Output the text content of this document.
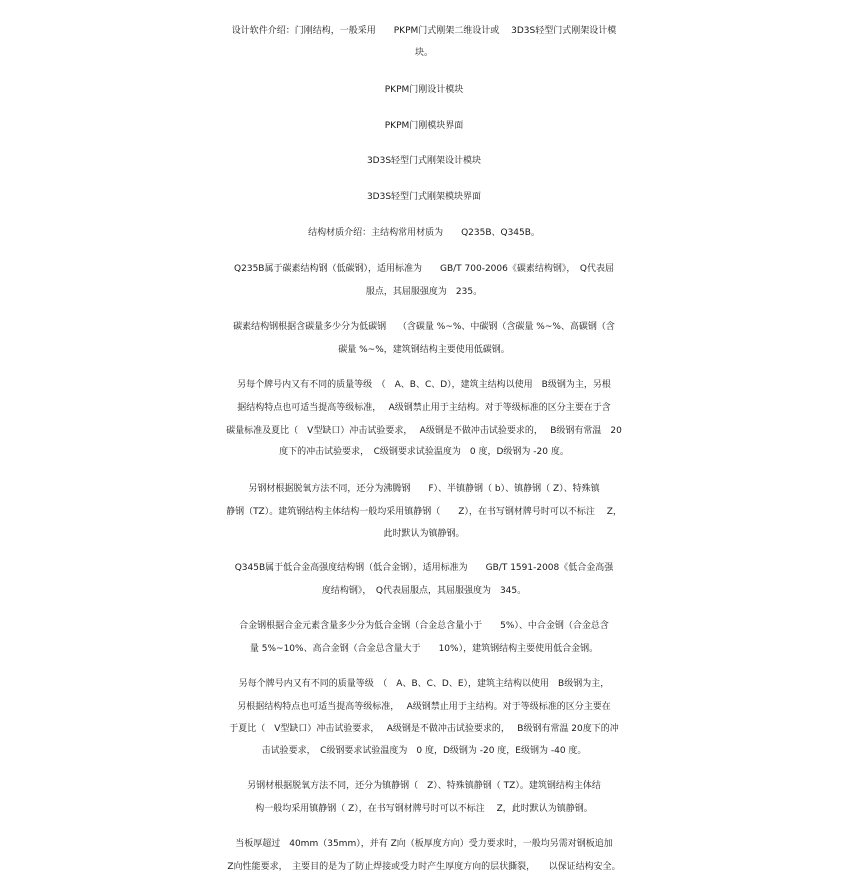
设计软件介绍：门刚结构，一般采用　　PKPM门式刚架二维设计或　 3D3S轻型门式刚架设计模
块。
PKPM门刚设计模块
PKPM门刚模块界面
3D3S轻型门式刚架设计模块
3D3S轻型门式刚架模块界面
结构材质介绍：主结构常用材质为　　Q235B、Q345B。
Q235B属于碳素结构钢（低碳钢），适用标准为　　GB/T 700-2006《碳素结构钢》，　Q代表屈
服点，其屈服强度为　235。
碳素结构钢根据含碳量多少分为低碳钢　 （含碳量 %~%、中碳钢（含碳量 %~%、高碳钢（含
碳量 %~%，建筑钢结构主要使用低碳钢。
另每个牌号内又有不同的质量等级　（　A、B、C、D），建筑主结构以使用　B级钢为主，另根
据结构特点也可适当提高等级标准，　 A级钢禁止用于主结构。对于等级标准的区分主要在于含
碳量标准及夏比（　V型缺口）冲击试验要求，　 A级钢是不做冲击试验要求的，　 B级钢有常温　20
度下的冲击试验要求，　C级钢要求试验温度为　0 度，D级钢为 -20 度。
另钢材根据脱氧方法不同，还分为沸腾钢　　F）、半镇静钢（ b）、镇静钢（ Z）、特殊镇
静钢（TZ）。建筑钢结构主体结构一般均采用镇静钢（　　Z），在书写钢材牌号时可以不标注　 Z，
此时默认为镇静钢。
Q345B属于低合金高强度结构钢（低合金钢），适用标准为　　GB/T 1591-2008《低合金高强
度结构钢》，　Q代表屈服点，其屈服强度为　345。
合金钢根据合金元素含量多少分为低合金钢（合金总含量小于　　5%）、中合金钢（合金总含
量 5%~10%、高合金钢（合金总含量大于　　10%），建筑钢结构主要使用低合金钢。
另每个牌号内又有不同的质量等级　（　A、B、C、D、E），建筑主结构以使用　B级钢为主，
另根据结构特点也可适当提高等级标准，　 A级钢禁止用于主结构。对于等级标准的区分主要在
于夏比（　V型缺口）冲击试验要求，　 A级钢是不做冲击试验要求的，　 B级钢有常温 20度下的冲
击试验要求，　C级钢要求试验温度为　0 度，D级钢为 -20 度，E级钢为 -40 度。
另钢材根据脱氧方法不同，还分为镇静钢（　Z）、特殊镇静钢（ TZ）。建筑钢结构主体结
构一般均采用镇静钢（ Z），在书写钢材牌号时可以不标注　 Z，此时默认为镇静钢。
当板厚超过　40mm（35mm），并有 Z向（板厚度方向）受力要求时，一般均另需对钢板追加
Z向性能要求，　主要目的是为了防止焊接或受力时产生厚度方向的层状撕裂，　　以保证结构安全。
